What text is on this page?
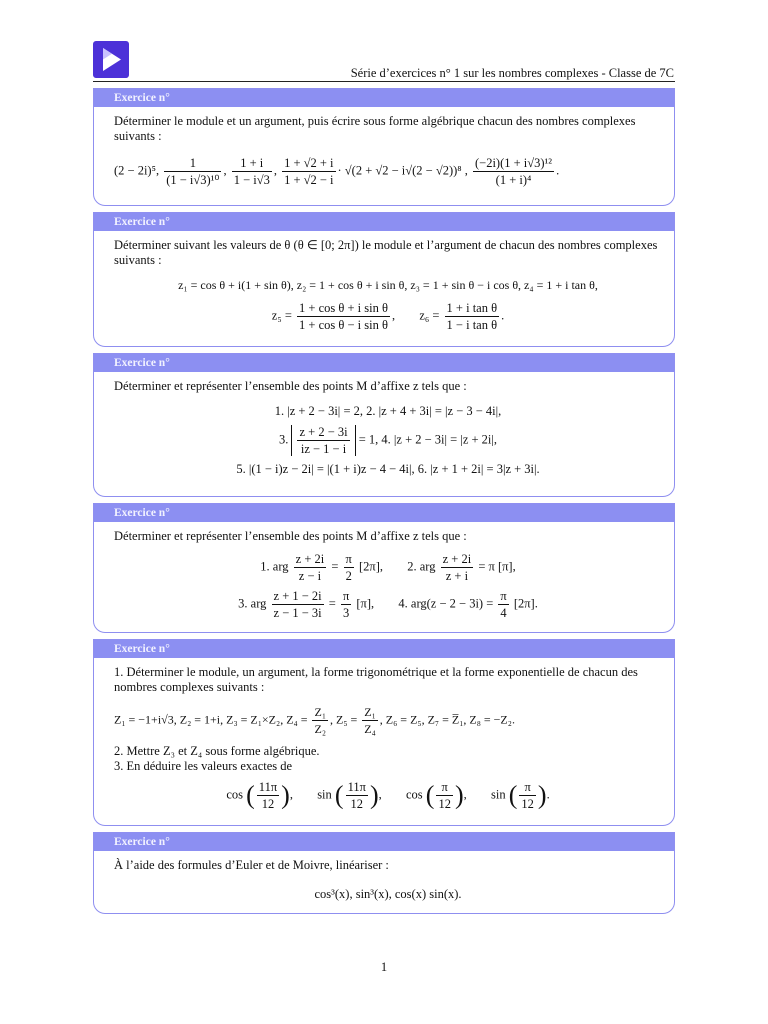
Série d’exercices n° 1 sur les nombres complexes - Classe de 7C
Exercice n°

Déterminer le module et un argument, puis écrire sous forme algébrique chacun des nombres complexes suivants :

(2 − 2i)⁵, $\frac{1}{\text{(1 − i√3)¹⁰}}$ , $\frac{1 + i}{1 - i√3}$ , $\frac{1 + √2 + i}{1 + √2 - i} \cdot √(2 + √2 - i√(2 - √2))^8$ , $\frac{\text{(−2i)(1 + i√3)¹²}}{\text{(1 + i)⁴}}$ .
Exercice n°

Déterminer suivant les valeurs de θ (θ ∈ [0; 2π]) le module et l’argument de chacun des nombres complexes suivants :

z₁ = cos θ + i(1 + sin θ), z₂ = 1 + cos θ + i sin θ, z₃ = 1 + sin θ − i cos θ, z₄ = 1 + i tan θ,
$z_5 = \frac{\text{1 + cos θ + i sin θ}}{\text{1 + cos θ − i sin θ}}$ ,  $z_6 = \frac{\text{1 + i tan θ}}{\text{1 − i tan θ}}$ .
Exercice n°

Déterminer et représenter l’ensemble des points M d’affixe z tels que :

1. |z + 2 − 3i| = 2, 2. |z + 4 + 3i| = |z − 3 − 4i|,
3. $\frac{z + 2 - 3i}{iz - 1 - i} = 1$, 4. |z + 2 − 3i| = |z + 2i|,
5. |(1 − i)z − 2i| = |(1 + i)z − 4 − 4i|, 6. |z + 1 + 2i| = 3|z + 3i|.
Exercice n°

Déterminer et représenter l’ensemble des points M d’affixe z tels que :

1. arg $\frac{z + 2i}{z - i} = \frac{\pi}{2} [2\pi]$, 2. arg $\frac{z + 2i}{z + i} = \pi$ [π],
3. arg $\frac{z + 1 - 2i}{z - 1 - 3i} = \frac{\pi}{3} [\pi]$, 4. $arg(z - 2 - 3i) = \frac{\pi}{4} [2\pi]$.
Exercice n°

1. Déterminer le module, un argument, la forme trigonométrique et la forme exponentielle de chacun des nombres complexes suivants :

Z₁ = −1+i√3, Z₂ = 1+i, Z₃ = Z₁×Z₂, $Z_4 = \frac{\text{Z₁}}{\text{Z₂}}$ , $Z_5 = \frac{\text{Z₁}}{\text{Z₄}}$ , Z₆ = Z₅, Z₇ = Z̅₁, Z₈ = −Z₂.

2. Mettre Z₃ et Z₄ sous forme algébrique.

3. En déduire les valeurs exactes de

cos ( $\frac{11\pi}{12}$ ),  sin ( $\frac{11\pi}{12}$ ),  cos ( $\frac{\pi}{12}$ ),  sin ( $\frac{\pi}{12}$ ).
Exercice n°

À l’aide des formules d’Euler et de Moivre, linéariser :

cos³(x), sin³(x), cos(x) sin(x).
1
